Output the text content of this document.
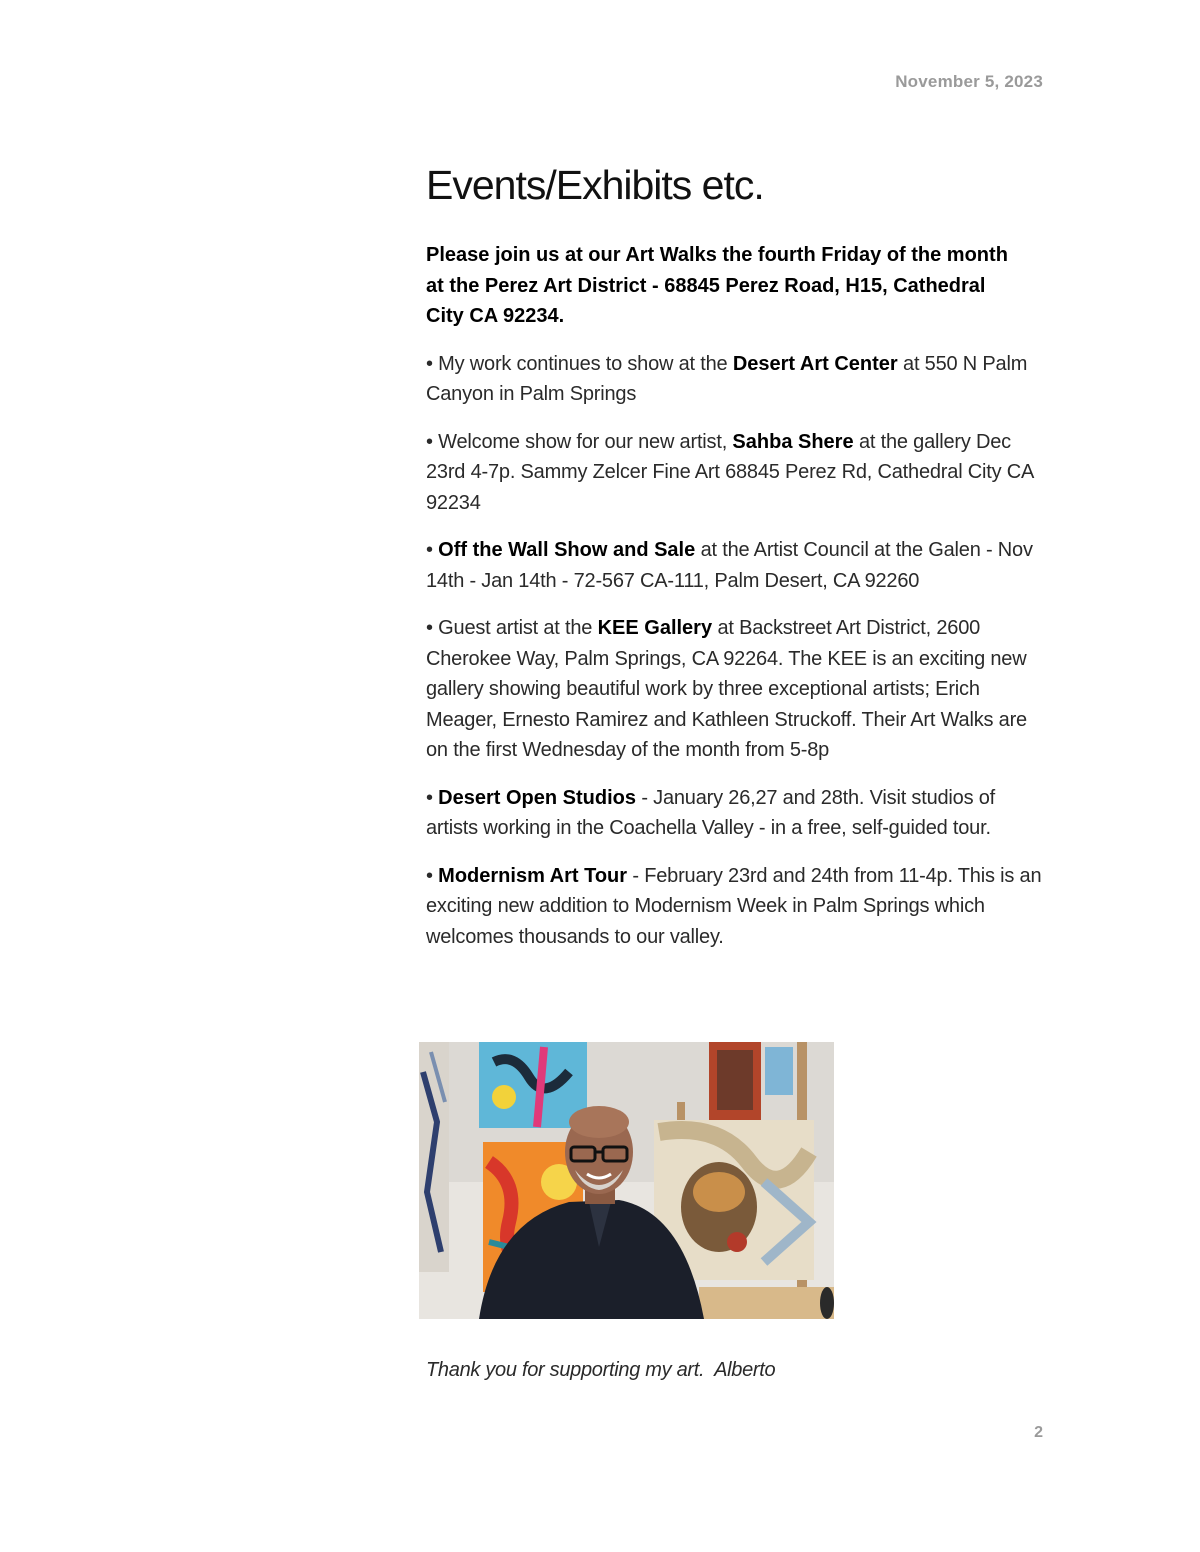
November 5, 2023
Events/Exhibits etc.

Please join us at our Art Walks the fourth Friday of the month at the Perez Art District - 68845 Perez Road, H15, Cathedral City CA 92234.

• My work continues to show at the Desert Art Center at 550 N Palm Canyon in Palm Springs

• Welcome show for our new artist, Sahba Shere at the gallery Dec 23rd 4-7p. Sammy Zelcer Fine Art 68845 Perez Rd, Cathedral City CA 92234

• Off the Wall Show and Sale at the Artist Council at the Galen - Nov 14th - Jan 14th - 72-567 CA-111, Palm Desert, CA 92260

• Guest artist at the KEE Gallery at Backstreet Art District, 2600 Cherokee Way, Palm Springs, CA 92264. The KEE is an exciting new gallery showing beautiful work by three exceptional artists; Erich Meager, Ernesto Ramirez and Kathleen Struckoff. Their Art Walks are on the first Wednesday of the month from 5-8p

• Desert Open Studios - January 26,27 and 28th. Visit studios of artists working in the Coachella Valley - in a free, self-guided tour.

• Modernism Art Tour - February 23rd and 24th from 11-4p. This is an exciting new addition to Modernism Week in Palm Springs which welcomes thousands to our valley.

Thank you for supporting my art.  Alberto
2
